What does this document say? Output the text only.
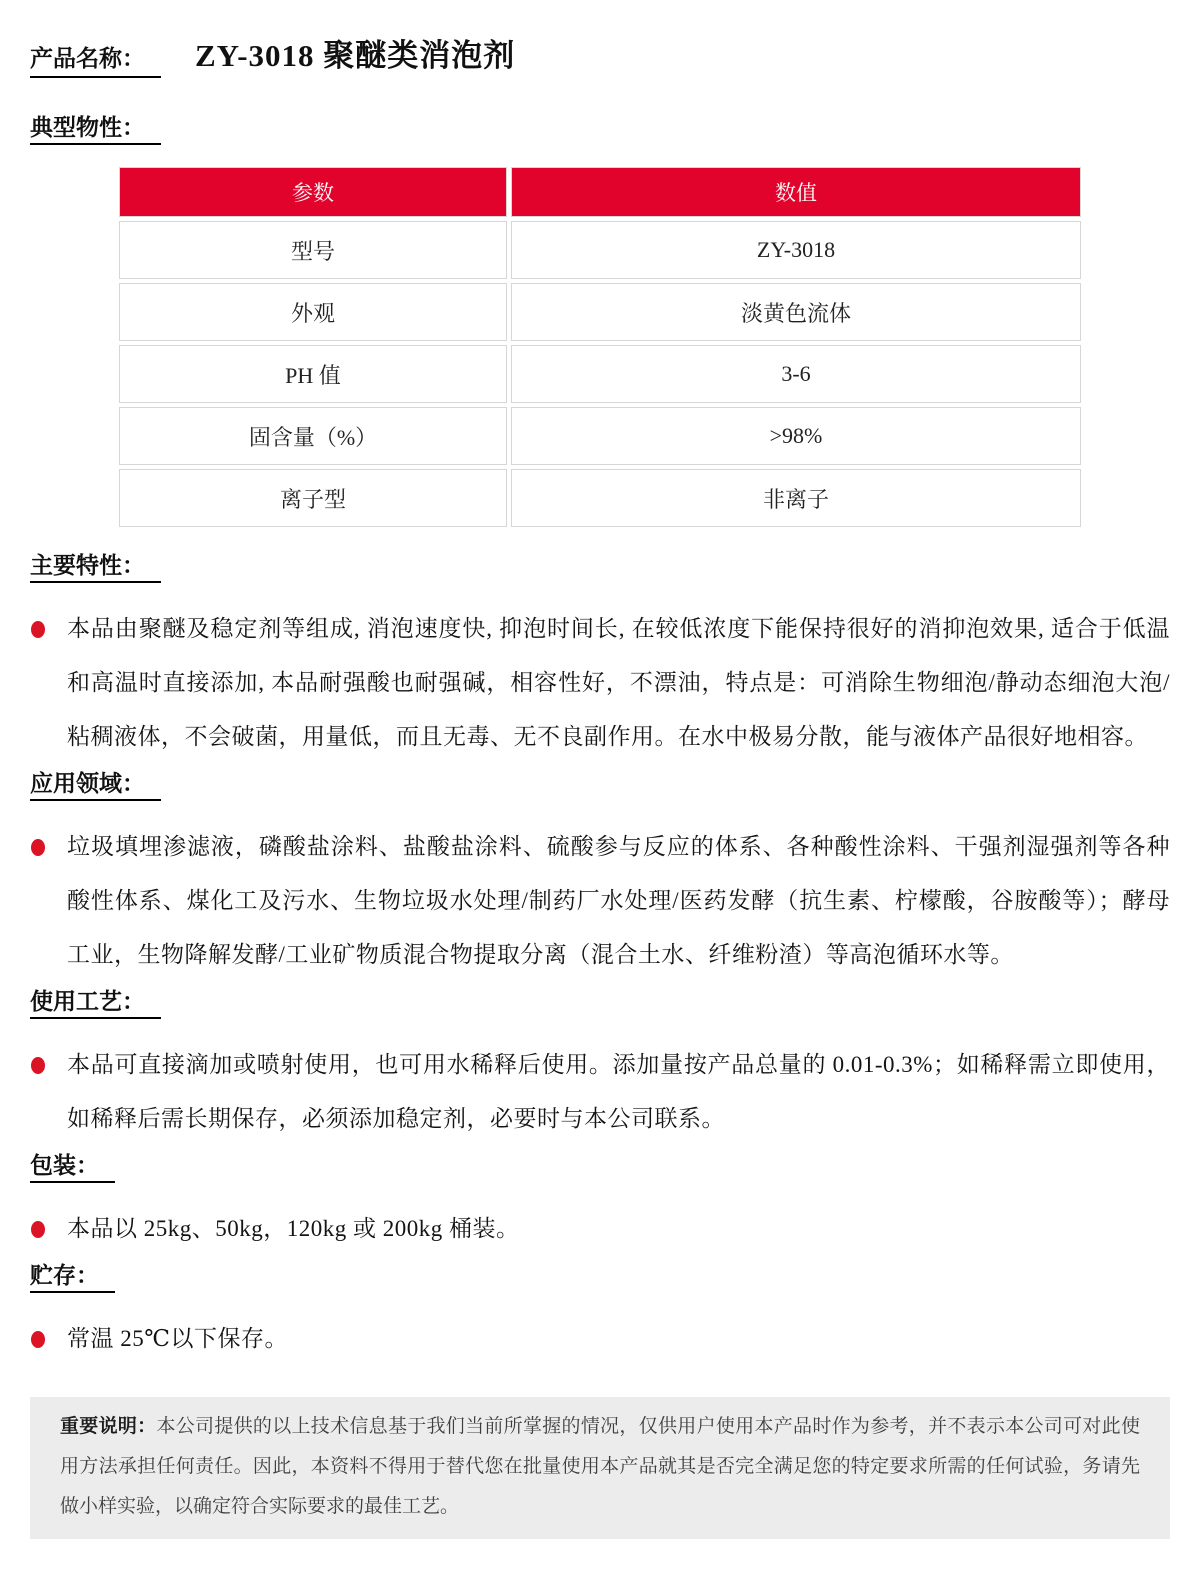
产品名称：	ZY-3018 聚醚类消泡剂
典型物性：
参数	数值
型号	ZY-3018
外观	淡黄色流体
PH 值	3-6
固含量（%）	>98%
离子型	非离子
主要特性：

本品由聚醚及稳定剂等组成, 消泡速度快, 抑泡时间长, 在较低浓度下能保持很好的消抑泡效果, 适合于低温和高温时直接添加, 本品耐强酸也耐强碱，相容性好，不漂油，特点是：可消除生物细泡/静动态细泡大泡/粘稠液体，不会破菌，用量低，而且无毒、无不良副作用。在水中极易分散，能与液体产品很好地相容。

应用领域：

垃圾填埋渗滤液，磷酸盐涂料、盐酸盐涂料、硫酸参与反应的体系、各种酸性涂料、干强剂湿强剂等各种酸性体系、煤化工及污水、生物垃圾水处理/制药厂水处理/医药发酵（抗生素、柠檬酸，谷胺酸等）；酵母工业，生物降解发酵/工业矿物质混合物提取分离（混合土水、纤维粉渣）等高泡循环水等。

使用工艺：

本品可直接滴加或喷射使用，也可用水稀释后使用。添加量按产品总量的 0.01-0.3%；如稀释需立即使用，如稀释后需长期保存，必须添加稳定剂，必要时与本公司联系。

包装：

本品以 25kg、50kg，120kg 或 200kg 桶装。

贮存：

常温 25℃以下保存。

重要说明：本公司提供的以上技术信息基于我们当前所掌握的情况，仅供用户使用本产品时作为参考，并不表示本公司可对此使用方法承担任何责任。因此，本资料不得用于替代您在批量使用本产品就其是否完全满足您的特定要求所需的任何试验，务请先做小样实验，以确定符合实际要求的最佳工艺。
